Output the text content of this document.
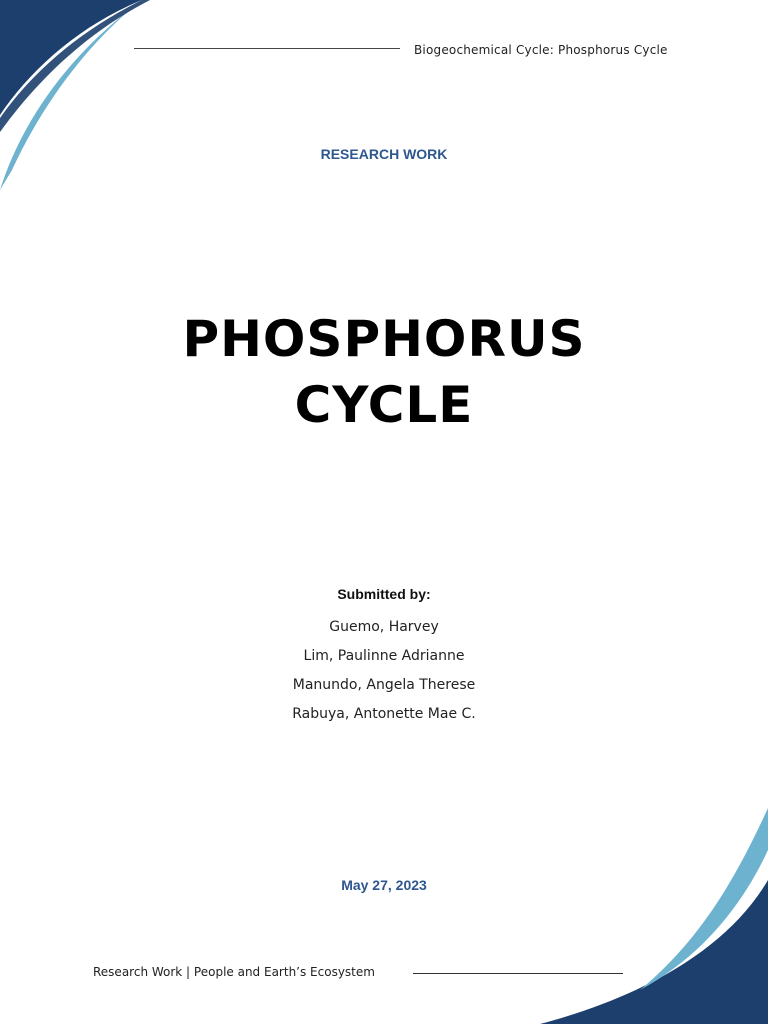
Biogeochemical Cycle: Phosphorus Cycle
RESEARCH WORK
PHOSPHORUS
CYCLE
Submitted by:
Guemo, Harvey
Lim, Paulinne Adrianne
Manundo, Angela Therese
Rabuya, Antonette Mae C.
May 27, 2023
Research Work | People and Earth’s Ecosystem
